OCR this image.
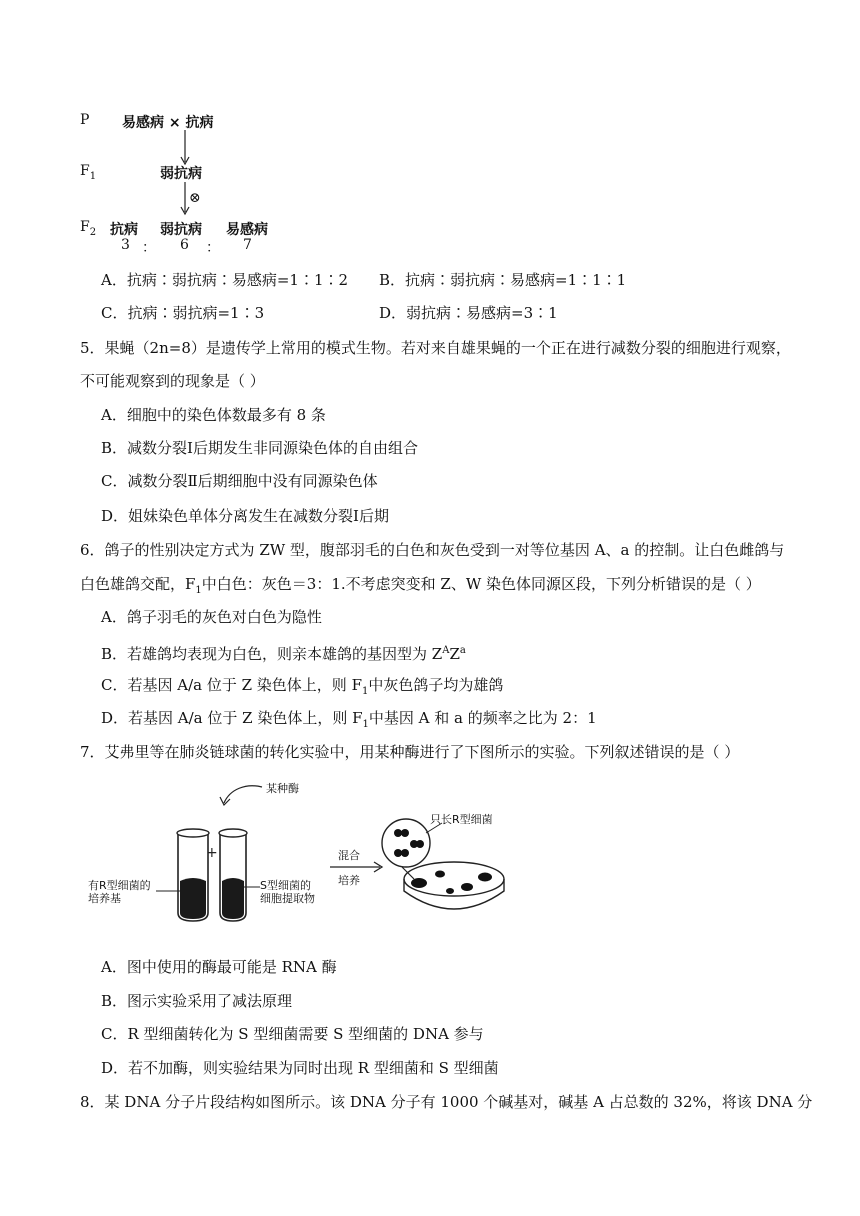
P 易感病 × 抗病
$F_1$	弱抗病
⊗
$F_2$ 抗病 弱抗病 易感病
3 ： 6 ： 7
A．抗病∶弱抗病∶易感病=1∶1∶2 B．抗病∶弱抗病∶易感病=1∶1∶1
C．抗病∶弱抗病=1∶3	D．弱抗病∶易感病=3∶1
5．果蝇（2n=8）是遗传学上常用的模式生物。若对来自雄果蝇的一个正在进行减数分裂的细胞进行观察，
不可能观察到的现象是（ ）
A．细胞中的染色体数最多有 8 条
B．减数分裂Ⅰ后期发生非同源染色体的自由组合
C．减数分裂Ⅱ后期细胞中没有同源染色体
D．姐妹染色单体分离发生在减数分裂Ⅰ后期
6．鸽子的性别决定方式为 ZW 型，腹部羽毛的白色和灰色受到一对等位基因 A、a 的控制。让白色雌鸽与
白色雄鸽交配，$F_1$中白色：灰色＝3：1.不考虑突变和 Z、W 染色体同源区段，下列分析错误的是（ ）
A．鸽子羽毛的灰色对白色为隐性
B．若雄鸽均表现为白色，则亲本雄鸽的基因型为 $Z^AZ^a$
C．若基因 A/a 位于 Z 染色体上，则 $F_1$中灰色鸽子均为雄鸽
D．若基因 A/a 位于 Z 染色体上，则 $F_1$中基因 A 和 a 的频率之比为 2：1
7．艾弗里等在肺炎链球菌的转化实验中，用某种酶进行了下图所示的实验。下列叙述错误的是（ ）
+
某种酶
有R型细菌的
培养基
S型细菌的
细胞提取物
混合
培养
只长R型细菌
A．图中使用的酶最可能是 RNA 酶
B．图示实验采用了减法原理
C．R 型细菌转化为 S 型细菌需要 S 型细菌的 DNA 参与
D．若不加酶，则实验结果为同时出现 R 型细菌和 S 型细菌
8．某 DNA 分子片段结构如图所示。该 DNA 分子有 1000 个碱基对，碱基 A 占总数的 32%，将该 DNA 分
